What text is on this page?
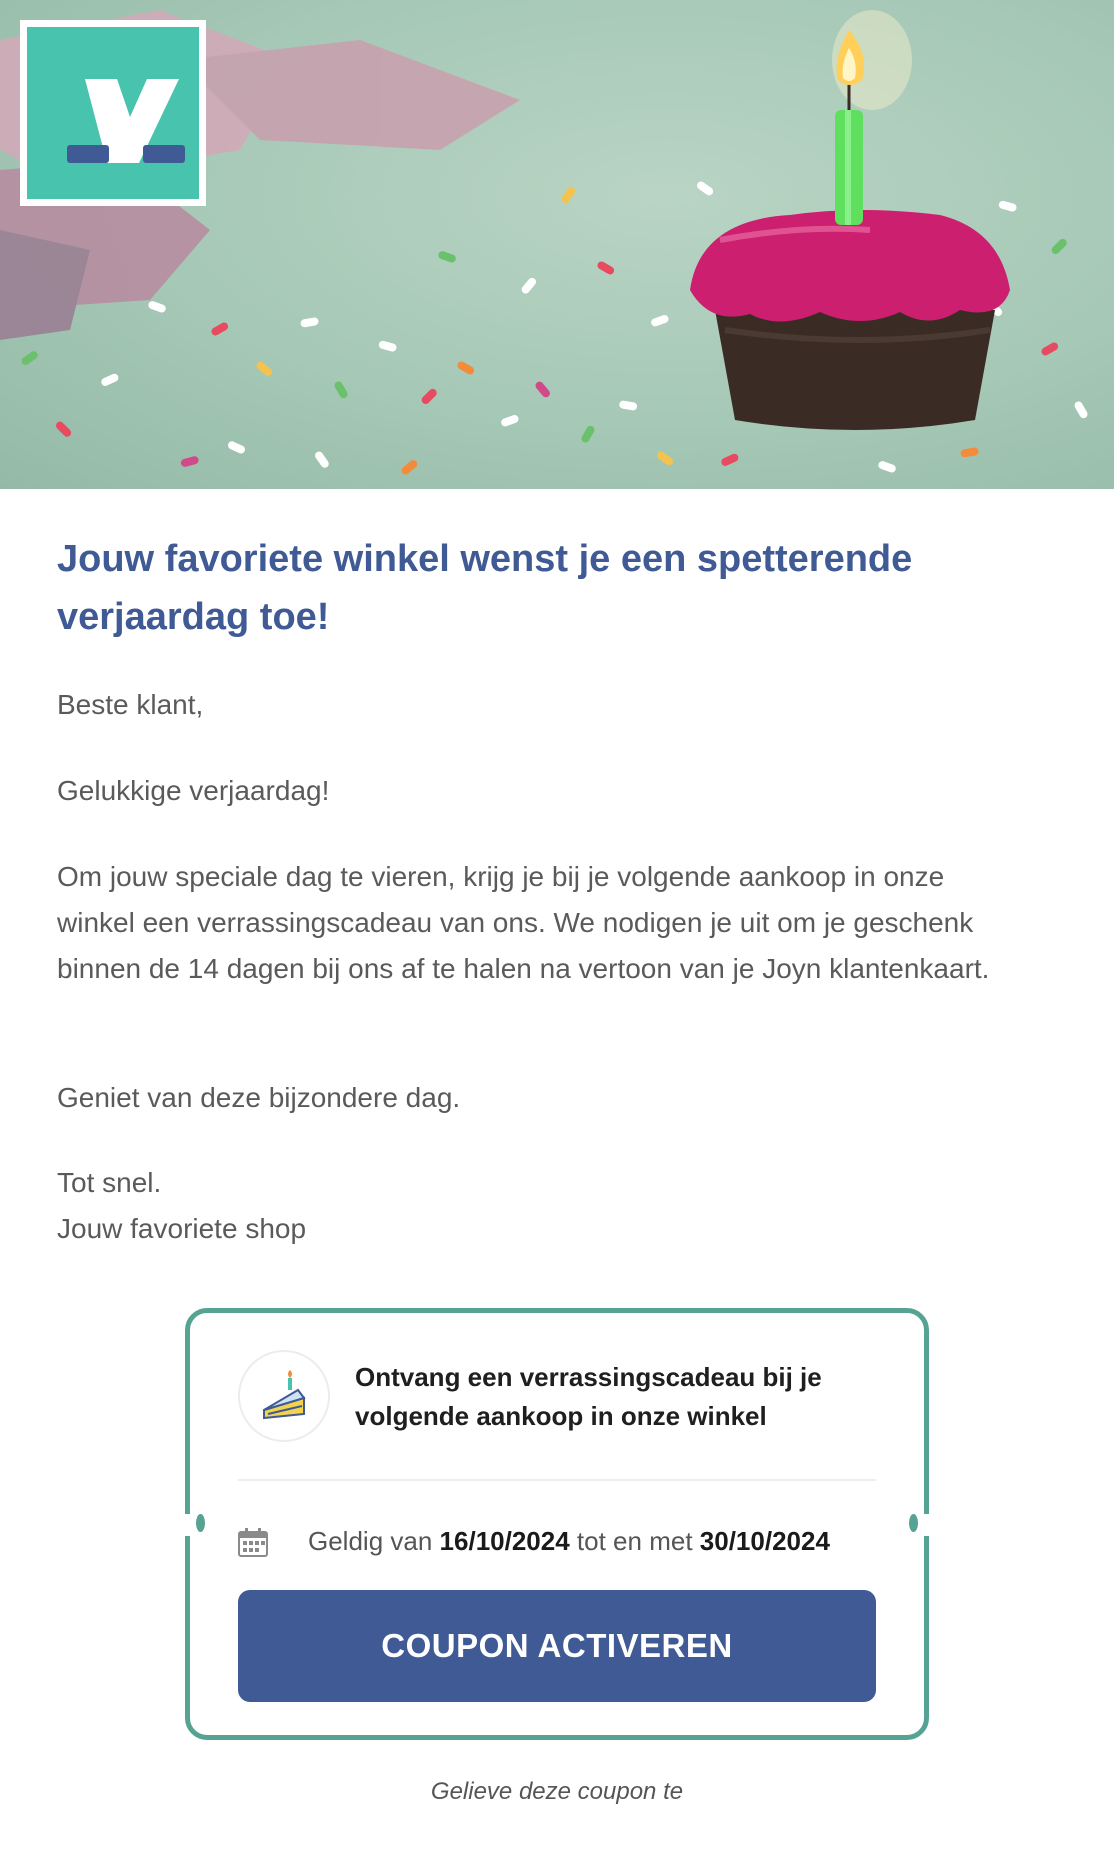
Jouw favoriete winkel wenst je een spetterende verjaardag toe!

Beste klant,

Gelukkige verjaardag!

Om jouw speciale dag te vieren, krijg je bij je volgende aankoop in onze winkel een verrassingscadeau van ons. We nodigen je uit om je geschenk binnen de 14 dagen bij ons af te halen na vertoon van je Joyn klantenkaart.

Geniet van deze bijzondere dag.

Tot snel.

Jouw favoriete shop

Ontvang een verrassingscadeau bij je volgende aankoop in onze winkel
Geldig van 16/10/2024 tot en met 30/10/2024
COUPON ACTIVEREN
Gelieve deze coupon te
